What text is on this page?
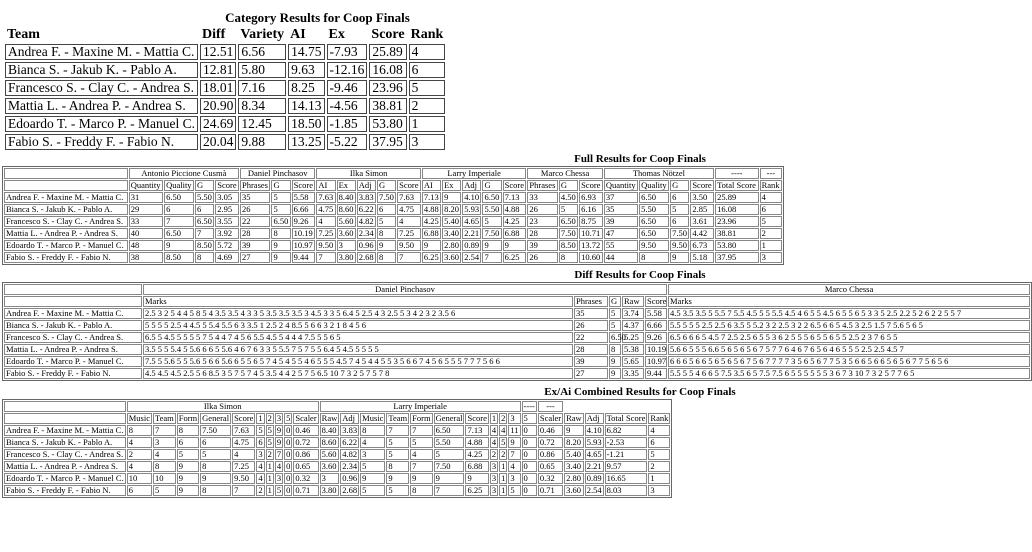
Category Results for Coop Finals
Team	Diff	Variety	AI	Ex	Score	Rank
Andrea F. - Maxine M. - Mattia C.	12.51	6.56	14.75	-7.93	25.89	4
Bianca S. - Jakub K. - Pablo A.	12.81	5.80	9.63	-12.16	16.08	6
Francesco S. - Clay C. - Andrea S.	18.01	7.16	8.25	-9.46	23.96	5
Mattia L. - Andrea P. - Andrea S.	20.90	8.34	14.13	-4.56	38.81	2
Edoardo T. - Marco P. - Manuel C.	24.69	12.45	18.50	-1.85	53.80	1
Fabio S. - Freddy F. - Fabio N.	20.04	9.88	13.25	-5.22	37.95	3
Full Results for Coop Finals
	Antonio Piccione Cusmà				Daniel Pinchasov			Ilka Simon					Larry Imperiale					Marco Chessa			Thomas Nötzel				----	---
	Quantity	Quality	G	Score	Phrases	G	Score	AI	Ex	Adj	G	Score	AI	Ex	Adj	G	Score	Phrases	G	Score	Quantity	Quality	G	Score	Total Score	Rank
Andrea F. - Maxine M. - Mattia C.	31	6.50	5.50	3.05	35	5	5.58	7.63	8.40	3.83	7.50	7.63	7.13	9	4.10	6.50	7.13	33	4.50	6.93	37	6.50	6	3.50	25.89	4
Bianca S. - Jakub K. - Pablo A.	29	6	6	2.95	26	5	6.66	4.75	8.60	6.22	6	4.75	4.88	8.20	5.93	5.50	4.88	26	5	6.16	35	5.50	5	2.85	16.08	6
Francesco S. - Clay C. - Andrea S.	33	7	6.50	3.55	22	6.50	9.26	4	5.60	4.82	5	4	4.25	5.40	4.65	5	4.25	23	6.50	8.75	39	6.50	6	3.61	23.96	5
Mattia L. - Andrea P. - Andrea S.	40	6.50	7	3.92	28	8	10.19	7.25	3.60	2.34	8	7.25	6.88	3.40	2.21	7.50	6.88	28	7.50	10.71	47	6.50	7.50	4.42	38.81	2
Edoardo T. - Marco P. - Manuel C.	48	9	8.50	5.72	39	9	10.97	9.50	3	0.96	9	9.50	9	2.80	0.89	9	9	39	8.50	13.72	55	9.50	9.50	6.73	53.80	1
Fabio S. - Freddy F. - Fabio N.	38	8.50	8	4.69	27	9	9.44	7	3.80	2.68	8	7	6.25	3.60	2.54	7	6.25	26	8	10.60	44	8	9	5.18	37.95	3
Diff Results for Coop Finals
	Daniel Pinchasov					Marco Chessa
	Marks	Phrases	G	Raw	Score	Marks
Andrea F. - Maxine M. - Mattia C.	2.5 3 2 5 4 4 5 8 5 4 3.5 3.5 4 3 3 5 3.5 3.5 3.5 3 4.5 3 3 5 6.4 5 2.5 4 3 2.5 5 3 4 2 3 2 3.5 6	35	5	3.74	5.58	4.5 3.5 3.5 5 5.5 7 5.5 4.5 5 5 5.5 4.5 4 6 5 5 4.5 6 5 5 6 5 3 3 5 2.5 2.2 5 2 6 2 2 5 5 7
Bianca S. - Jakub K. - Pablo A.	5 5 5 5 2.5 4 4.5 5 5.4 5.5 6 3 3.5 1 2.5 2 4 8.5 5 6 6 3 2 1 8 4 5 6	26	5	4.37	6.66	5.5 5 5 5 2.5 2.5 6 3.5 5 5.2 3 2 2.5 3 2 2 6.5 6 6 5 4.5 3 2.5 1.5 7 5.6 5 6 5
Francesco S. - Clay C. - Andrea S.	6.5 5 4.5 5 5 5 5 7 5 4 4 7 4 5 6 5.5 4.5 5 4 4 4 7.5 5 5 6 5	22	6.50	5.25	9.26	6.5 6 6 6 5 4.5 7 2.5 2.5 6 5 5 3 6 2 5 5 5 6 5 5 6 5 5 2.5 2 3 7 6 5 5
Mattia L. - Andrea P. - Andrea S.	3.5 5 5 5.4 5 5.6 6 6 5 5.6 4 6 7 6 3 3 5 5.5 7 5 7 5 5 6.4 5 4.5 5 5 5 5	28	8	5.38	10.19	5.6 6 5 5 5 6.6 5 6 5 6 5 6 7 5 7 7 6 4 6 7 6 5 6 4 6 5 5 5 2.5 2.5 4.5 7
Edoardo T. - Marco P. - Manuel C.	7.5 5 5.6 5 5 5.6 5 6 6 5.6 6 5 5 6 5 7 4 5 4 5 5 4 6 5 5 5 4.5 7 4 5 4 4 5 5 3 5 6 6 7 4 5 6 5 5 5 7 7 7 5 6 6	39	9	5.65	10.97	6 6 6 5 6 6 5 6 5 6 5 6 7 5 6 7 7 7 7 3 5 6 5 6 7 7 5 3 5 6 6 5 6 6 5 6 5 6 7 7 5 6 5 6
Fabio S. - Freddy F. - Fabio N.	4.5 4.5 4.5 2.5 5 6 8.5 3 5 7 5 7 4 5 3.5 4 4 2 5 7 5 6.5 10 7 3 2 5 7 5 7 8	27	9	3.35	9.44	5.5 5 5 4 6 6 5 7.5 3.5 6 5 7.5 7.5 6 5 5 5 5 5 5 3 6 7 3 10 7 3 2 5 7 7 6 5
Ex/Ai Combined Results for Coop Finals
	Ilka Simon										Larry Imperiale										----	---				
	Music	Team	Form	General	Score	1	2	3	5	Scaler	Raw	Adj	Music	Team	Form	General	Score	1	2	3	5	Scaler	Raw	Adj	Total Score	Rank
Andrea F. - Maxine M. - Mattia C.	8	7	8	7.50	7.63	5	5	9	0	0.46	8.40	3.83	8	7	7	6.50	7.13	4	4	11	0	0.46	9	4.10	6.82	4
Bianca S. - Jakub K. - Pablo A.	4	3	6	6	4.75	6	5	9	0	0.72	8.60	6.22	4	5	5	5.50	4.88	4	5	9	0	0.72	8.20	5.93	-2.53	6
Francesco S. - Clay C. - Andrea S.	2	4	5	5	4	3	2	7	0	0.86	5.60	4.82	3	5	4	5	4.25	2	2	7	0	0.86	5.40	4.65	-1.21	5
Mattia L. - Andrea P. - Andrea S.	4	8	9	8	7.25	4	1	4	0	0.65	3.60	2.34	5	8	7	7.50	6.88	3	1	4	0	0.65	3.40	2.21	9.57	2
Edoardo T. - Marco P. - Manuel C.	10	10	9	9	9.50	4	1	3	0	0.32	3	0.96	9	9	9	9	9	3	1	3	0	0.32	2.80	0.89	16.65	1
Fabio S. - Freddy F. - Fabio N.	6	5	9	8	7	2	1	5	0	0.71	3.80	2.68	5	5	8	7	6.25	3	1	5	0	0.71	3.60	2.54	8.03	3
